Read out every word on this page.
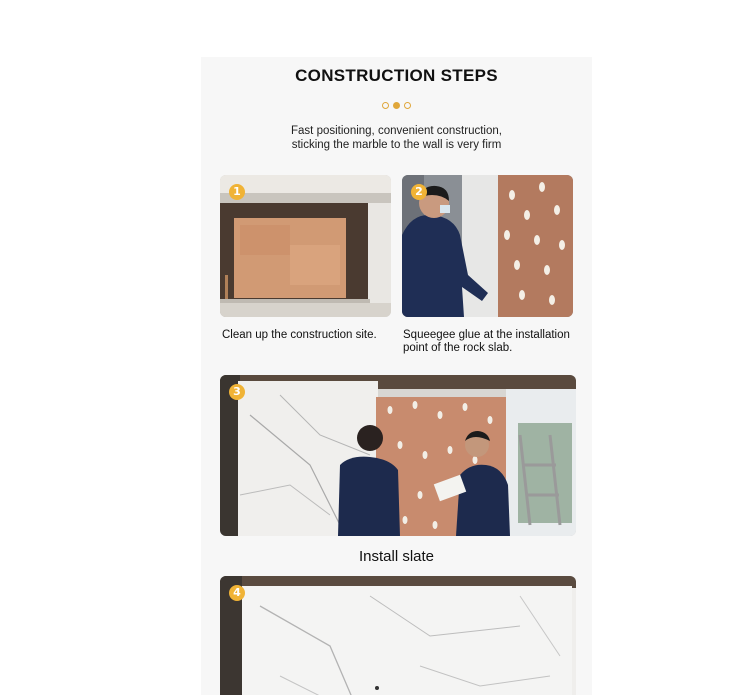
CONSTRUCTION STEPS
Fast positioning, convenient construction,
sticking the marble to the wall is very firm
1	2
Clean up the construction site.	Squeegee glue at the installation
point of the rock slab.
3
Install slate
4
